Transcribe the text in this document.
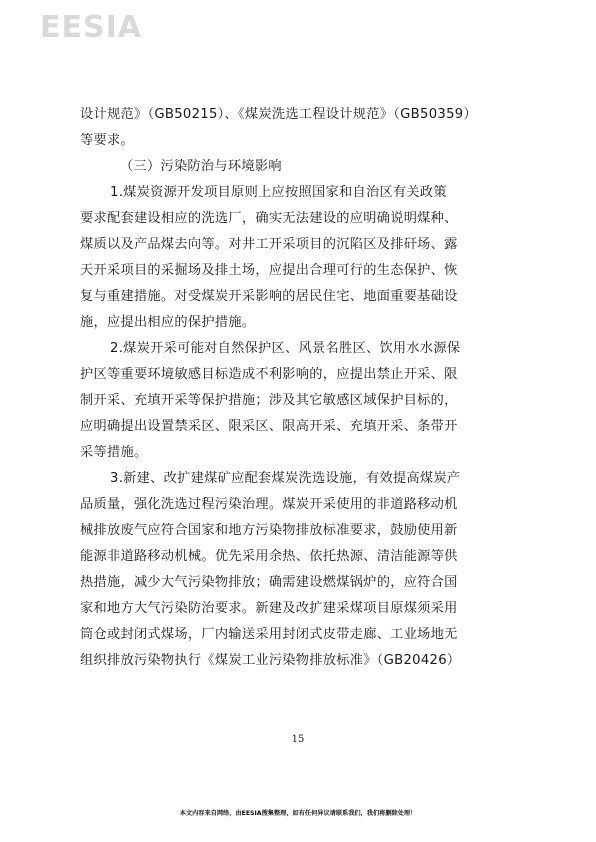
EESIA
设计规范》（GB50215）、《煤炭洗选工程设计规范》（GB50359）
等要求。
（三）污染防治与环境影响
1.煤炭资源开发项目原则上应按照国家和自治区有关政策
要求配套建设相应的洗选厂，确实无法建设的应明确说明煤种、
煤质以及产品煤去向等。对井工开采项目的沉陷区及排矸场、露
天开采项目的采掘场及排土场，应提出合理可行的生态保护、恢
复与重建措施。对受煤炭开采影响的居民住宅、地面重要基础设
施，应提出相应的保护措施。
2.煤炭开采可能对自然保护区、风景名胜区、饮用水水源保
护区等重要环境敏感目标造成不利影响的，应提出禁止开采、限
制开采、充填开采等保护措施；涉及其它敏感区域保护目标的，
应明确提出设置禁采区、限采区、限高开采、充填开采、条带开
采等措施。
3.新建、改扩建煤矿应配套煤炭洗选设施，有效提高煤炭产
品质量，强化洗选过程污染治理。煤炭开采使用的非道路移动机
械排放废气应符合国家和地方污染物排放标准要求，鼓励使用新
能源非道路移动机械。优先采用余热、依托热源、清洁能源等供
热措施，减少大气污染物排放；确需建设燃煤锅炉的，应符合国
家和地方大气污染防治要求。新建及改扩建采煤项目原煤须采用
筒仓或封闭式煤场，厂内输送采用封闭式皮带走廊、工业场地无
组织排放污染物执行《煤炭工业污染物排放标准》（GB20426）
15
本文内容来自网络，由EESIA搜集整理，如有任何异议请联系我们，我们将删除处理！
